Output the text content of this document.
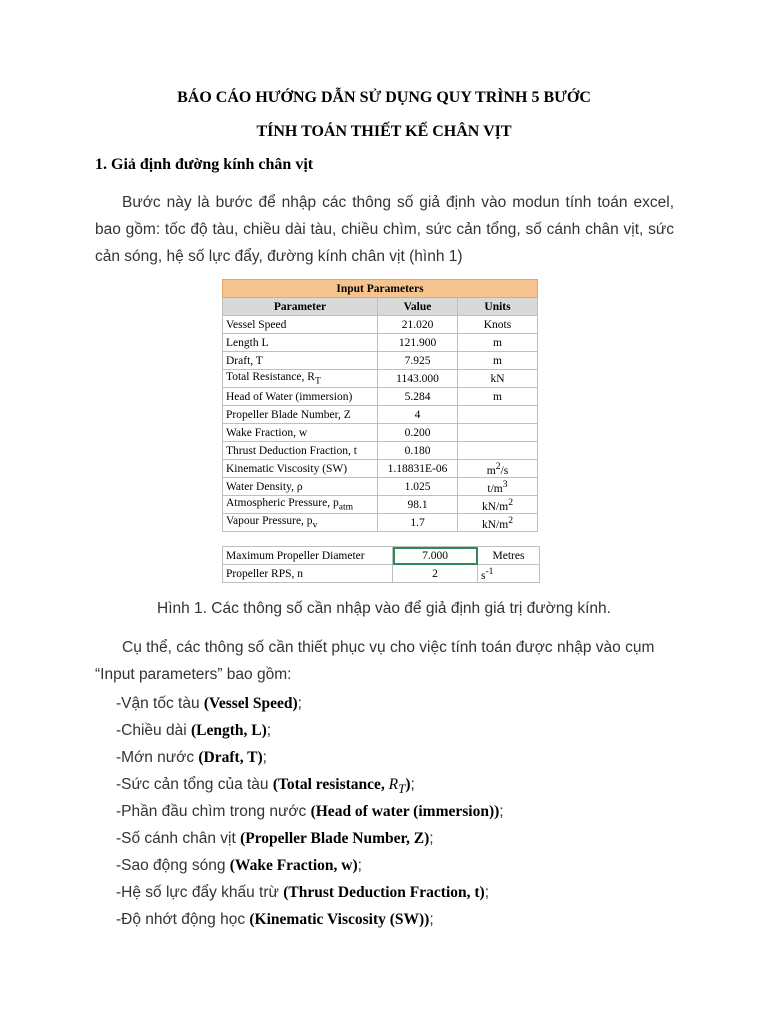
BÁO CÁO HƯỚNG DẪN SỬ DỤNG QUY TRÌNH 5 BƯỚC
TÍNH TOÁN THIẾT KẾ CHÂN VỊT
1. Giả định đường kính chân vịt
Bước này là bước để nhập các thông số giả định vào modun tính toán excel, bao gồm: tốc độ tàu, chiều dài tàu, chiều chìm, sức cản tổng, số cánh chân vịt, sức cản sóng, hệ số lực đẩy, đường kính chân vịt (hình 1)
Input Parameters		
Parameter	Value	Units
Vessel Speed	21.020	Knots
Length L	121.900	m
Draft, T	7.925	m
Total Resistance, $R_T$	1143.000	kN
Head of Water (immersion)	5.284	m
Propeller Blade Number, Z	4	
Wake Fraction, w	0.200	
Thrust Deduction Fraction, t	0.180	
Kinematic Viscosity (SW)	1.18831E-06	$m^2/s$
Water Density, ρ	1.025	$t/m^3$
Atmospheric Pressure, $p_{atm}$	98.1	$kN/m^2$
Vapour Pressure, $p_v$	1.7	$kN/m^2$
Maximum Propeller Diameter	7.000	Metres
Propeller RPS, n	2	$s^{-1}$
Hình 1. Các thông số cần nhập vào để giả định giá trị đường kính.
Cụ thể, các thông số cần thiết phục vụ cho việc tính toán được nhập vào cụm
“Input parameters” bao gồm:
-Vận tốc tàu (Vessel Speed);
-Chiều dài (Length, L);
-Mớn nước (Draft, T);
-Sức cản tổng của tàu (Total resistance, $R_T$);
-Phần đầu chìm trong nước (Head of water (immersion));
-Số cánh chân vịt (Propeller Blade Number, Z);
-Sao động sóng (Wake Fraction, w);
-Hệ số lực đẩy khấu trừ (Thrust Deduction Fraction, t);
-Độ nhớt động học (Kinematic Viscosity (SW));
